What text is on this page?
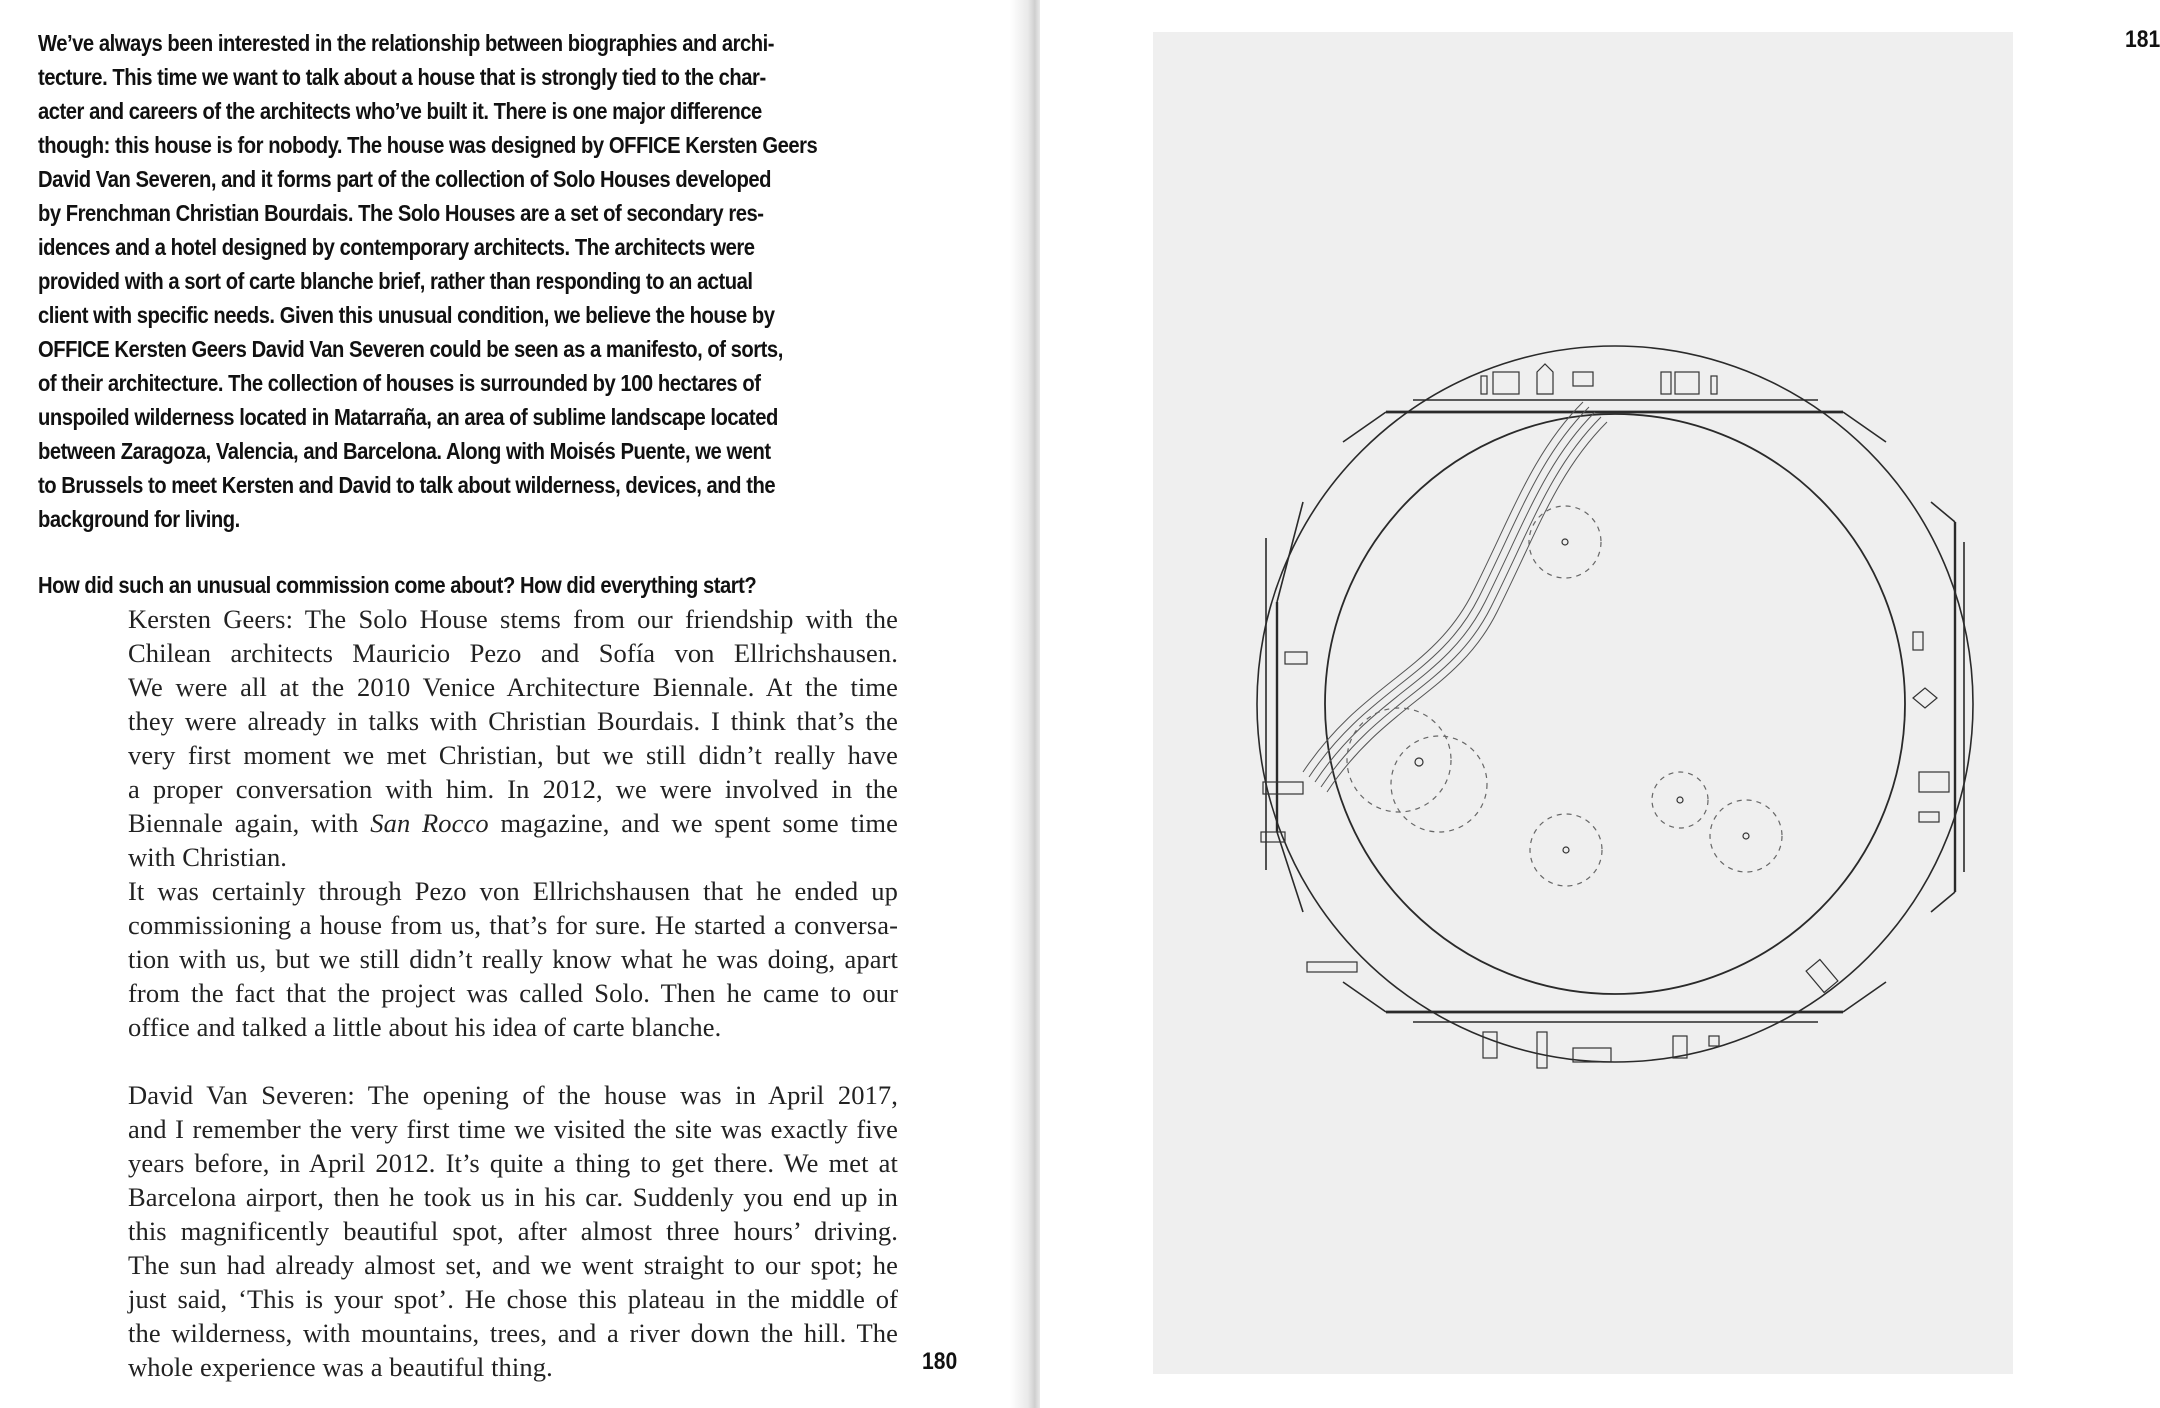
We’ve always been interested in the relationship between biographies and archi-
tecture. This time we want to talk about a house that is strongly tied to the char-
acter and careers of the architects who’ve built it. There is one major difference
though: this house is for nobody. The house was designed by OFFICE Kersten Geers
David Van Severen, and it forms part of the collection of Solo Houses developed
by Frenchman Christian Bourdais. The Solo Houses are a set of secondary res-
idences and a hotel designed by contemporary architects. The architects were
provided with a sort of carte blanche brief, rather than responding to an actual
client with specific needs. Given this unusual condition, we believe the house by
OFFICE Kersten Geers David Van Severen could be seen as a manifesto, of sorts,
of their architecture. The collection of houses is surrounded by 100 hectares of
unspoiled wilderness located in Matarraña, an area of sublime landscape located
between Zaragoza, Valencia, and Barcelona. Along with Moisés Puente, we went
to Brussels to meet Kersten and David to talk about wilderness, devices, and the
background for living.
How did such an unusual commission come about? How did everything start?
Kersten Geers: The Solo House stems from our friendship with the
Chilean architects Mauricio Pezo and Sofía von Ellrichshausen.
We were all at the 2010 Venice Architecture Biennale. At the time
they were already in talks with Christian Bourdais. I think that’s the
very first moment we met Christian, but we still didn’t really have
a proper conversation with him. In 2012, we were involved in the
Biennale again, with San Rocco magazine, and we spent some time
with Christian.
It was certainly through Pezo von Ellrichshausen that he ended up
commissioning a house from us, that’s for sure. He started a conversa-
tion with us, but we still didn’t really know what he was doing, apart
from the fact that the project was called Solo. Then he came to our
office and talked a little about his idea of carte blanche.
David Van Severen: The opening of the house was in April 2017,
and I remember the very first time we visited the site was exactly five
years before, in April 2012. It’s quite a thing to get there. We met at
Barcelona airport, then he took us in his car. Suddenly you end up in
this magnificently beautiful spot, after almost three hours’ driving.
The sun had already almost set, and we went straight to our spot; he
just said, ‘This is your spot’. He chose this plateau in the middle of
the wilderness, with mountains, trees, and a river down the hill. The
whole experience was a beautiful thing.	180
181
